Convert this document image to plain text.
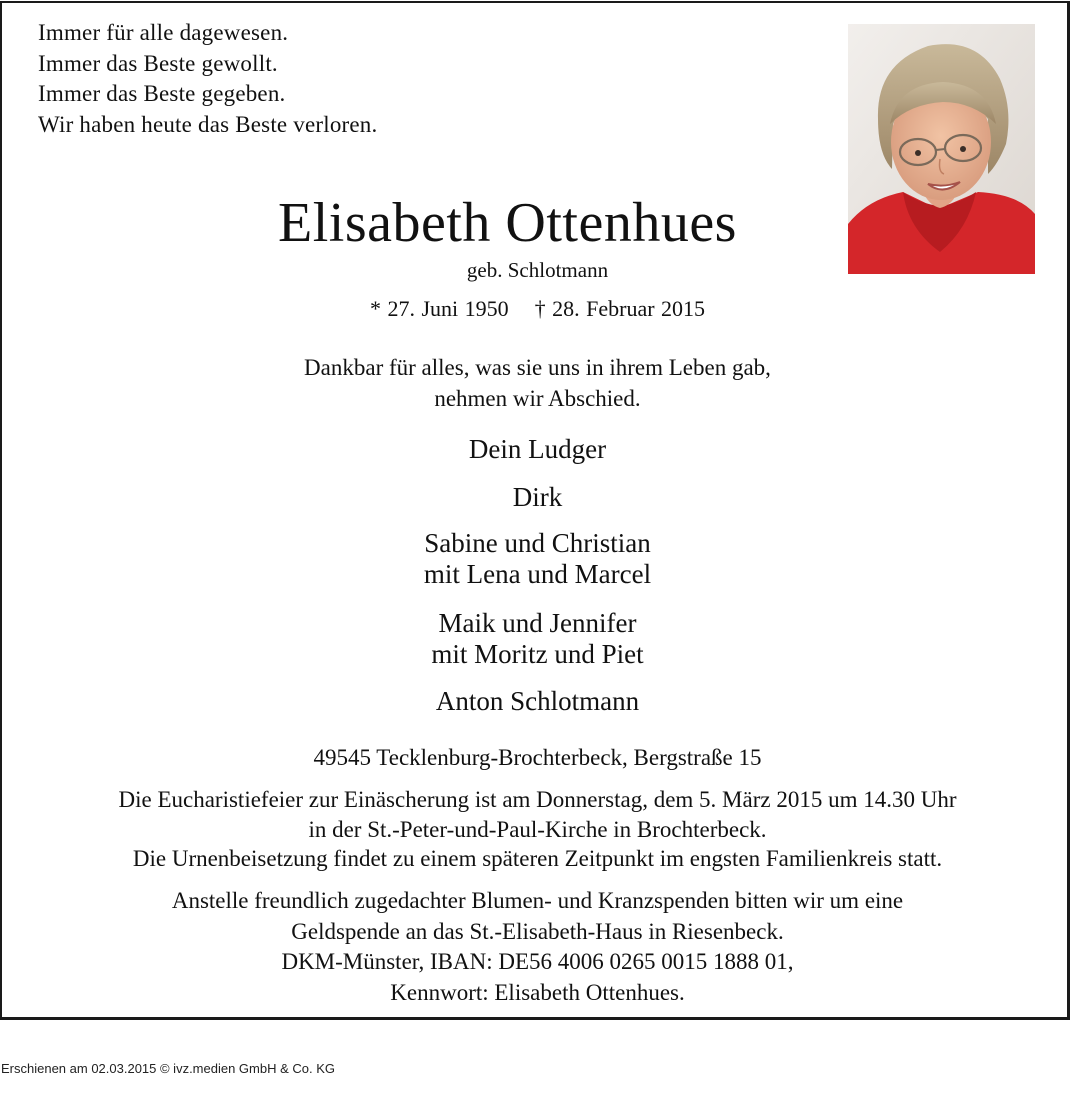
Immer für alle dagewesen.
Immer das Beste gewollt.
Immer das Beste gegeben.
Wir haben heute das Beste verloren.
Elisabeth Ottenhues
geb. Schlotmann
* 27. Juni 1950 † 28. Februar 2015
Dankbar für alles, was sie uns in ihrem Leben gab,
nehmen wir Abschied.
Dein Ludger
Dirk
Sabine und Christian
mit Lena und Marcel
Maik und Jennifer
mit Moritz und Piet
Anton Schlotmann
49545 Tecklenburg-Brochterbeck, Bergstraße 15
Die Eucharistiefeier zur Einäscherung ist am Donnerstag, dem 5. März 2015 um 14.30 Uhr
in der St.-Peter-und-Paul-Kirche in Brochterbeck.
Die Urnenbeisetzung findet zu einem späteren Zeitpunkt im engsten Familienkreis statt.
Anstelle freundlich zugedachter Blumen- und Kranzspenden bitten wir um eine
Geldspende an das St.-Elisabeth-Haus in Riesenbeck.
DKM-Münster, IBAN: DE56 4006 0265 0015 1888 01,
Kennwort: Elisabeth Ottenhues.
Erschienen am 02.03.2015 © ivz.medien GmbH & Co. KG
